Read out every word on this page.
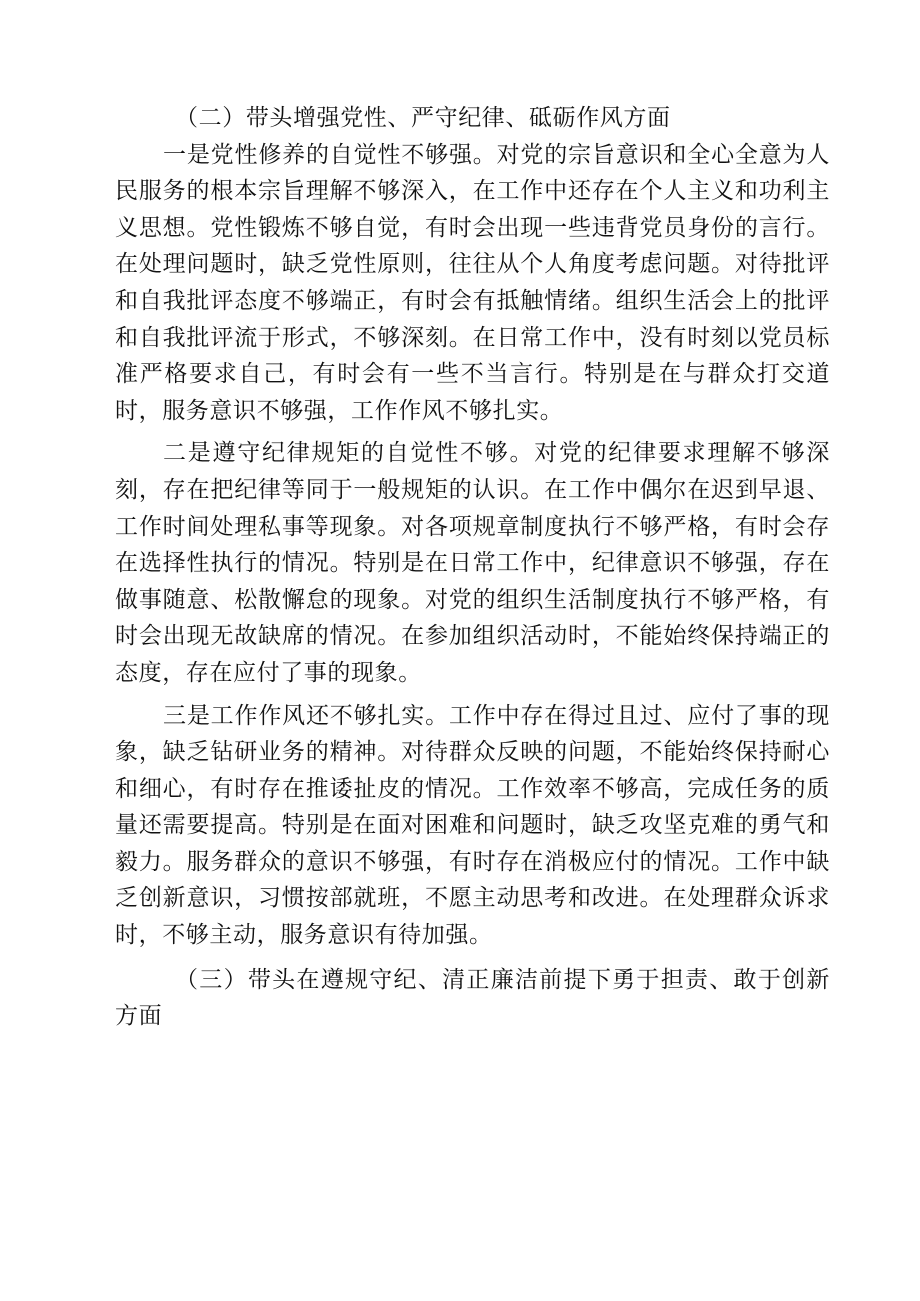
（二）带头增强党性、严守纪律、砥砺作风方面

一是党性修养的自觉性不够强。对党的宗旨意识和全心全意为人民服务的根本宗旨理解不够深入，在工作中还存在个人主义和功利主义思想。党性锻炼不够自觉，有时会出现一些违背党员身份的言行。在处理问题时，缺乏党性原则，往往从个人角度考虑问题。对待批评和自我批评态度不够端正，有时会有抵触情绪。组织生活会上的批评和自我批评流于形式，不够深刻。在日常工作中，没有时刻以党员标准严格要求自己，有时会有一些不当言行。特别是在与群众打交道时，服务意识不够强，工作作风不够扎实。

二是遵守纪律规矩的自觉性不够。对党的纪律要求理解不够深刻，存在把纪律等同于一般规矩的认识。在工作中偶尔在迟到早退、工作时间处理私事等现象。对各项规章制度执行不够严格，有时会存在选择性执行的情况。特别是在日常工作中，纪律意识不够强，存在做事随意、松散懈怠的现象。对党的组织生活制度执行不够严格，有时会出现无故缺席的情况。在参加组织活动时，不能始终保持端正的态度，存在应付了事的现象。

三是工作作风还不够扎实。工作中存在得过且过、应付了事的现象，缺乏钻研业务的精神。对待群众反映的问题，不能始终保持耐心和细心，有时存在推诿扯皮的情况。工作效率不够高，完成任务的质量还需要提高。特别是在面对困难和问题时，缺乏攻坚克难的勇气和毅力。服务群众的意识不够强，有时存在消极应付的情况。工作中缺乏创新意识，习惯按部就班，不愿主动思考和改进。在处理群众诉求时，不够主动，服务意识有待加强。

（三）带头在遵规守纪、清正廉洁前提下勇于担责、敢于创新方面
